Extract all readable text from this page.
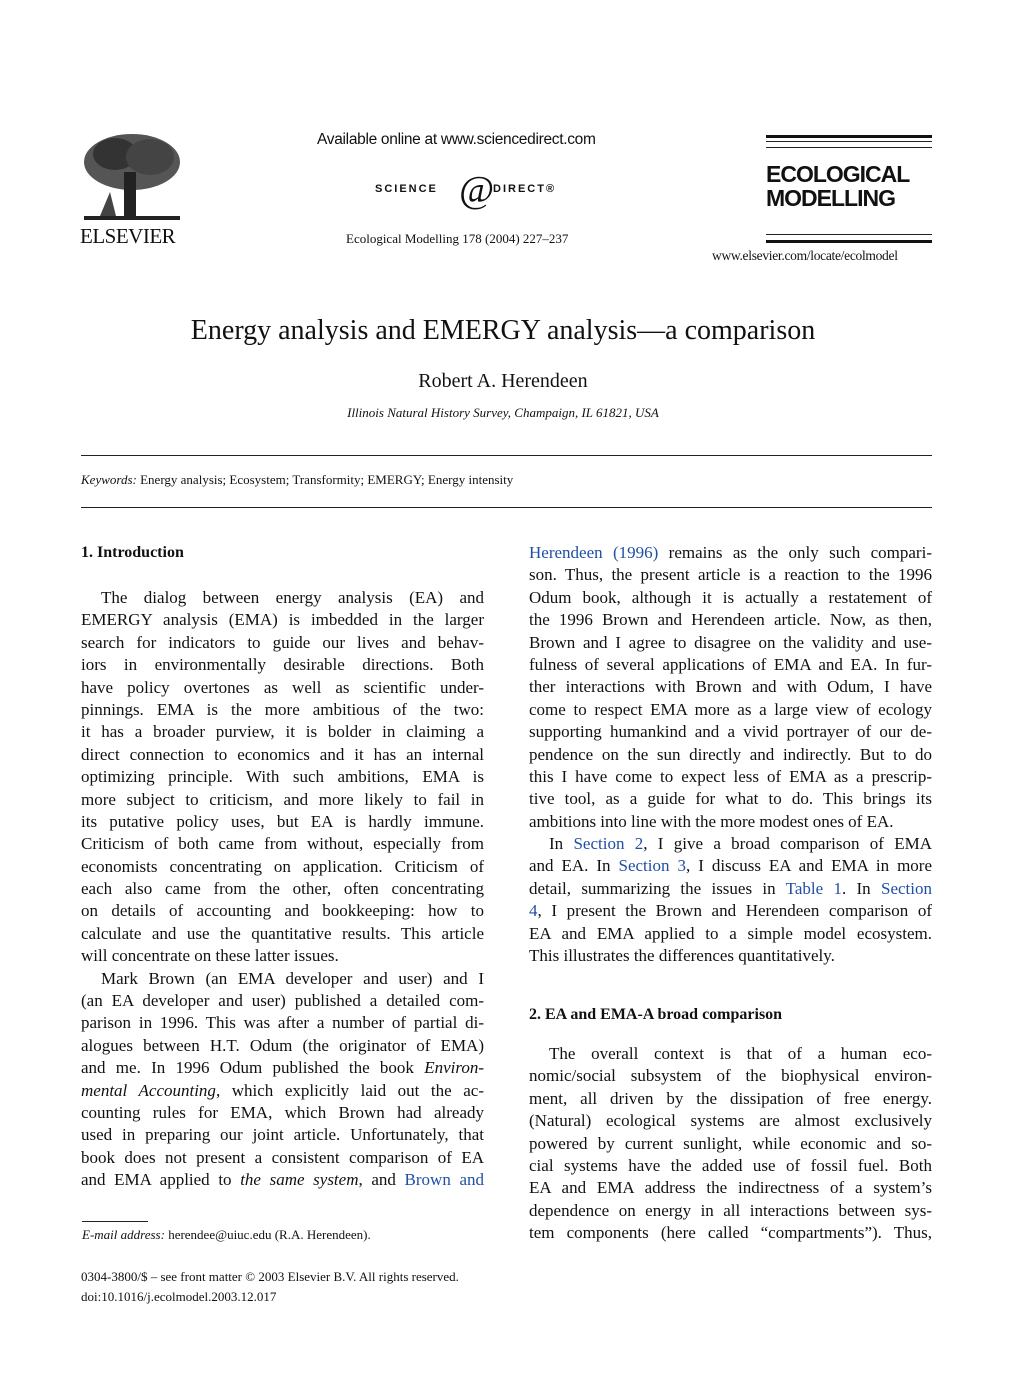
ELSEVIER
Available online at www.sciencedirect.com
SCIENCE @ DIRECT®
Ecological Modelling 178 (2004) 227–237
ECOLOGICAL
MODELLING
www.elsevier.com/locate/ecolmodel
Energy analysis and EMERGY analysis—a comparison
Robert A. Herendeen
Illinois Natural History Survey, Champaign, IL 61821, USA
Keywords: Energy analysis; Ecosystem; Transformity; EMERGY; Energy intensity
1. Introduction
The dialog between energy analysis (EA) and
EMERGY analysis (EMA) is imbedded in the larger
search for indicators to guide our lives and behav-
iors in environmentally desirable directions. Both
have policy overtones as well as scientific under-
pinnings. EMA is the more ambitious of the two:
it has a broader purview, it is bolder in claiming a
direct connection to economics and it has an internal
optimizing principle. With such ambitions, EMA is
more subject to criticism, and more likely to fail in
its putative policy uses, but EA is hardly immune.
Criticism of both came from without, especially from
economists concentrating on application. Criticism of
each also came from the other, often concentrating
on details of accounting and bookkeeping: how to
calculate and use the quantitative results. This article
will concentrate on these latter issues.
Mark Brown (an EMA developer and user) and I
(an EA developer and user) published a detailed com-
parison in 1996. This was after a number of partial di-
alogues between H.T. Odum (the originator of EMA)
and me. In 1996 Odum published the book Environ-
mental Accounting, which explicitly laid out the ac-
counting rules for EMA, which Brown had already
used in preparing our joint article. Unfortunately, that
book does not present a consistent comparison of EA
and EMA applied to the same system, and Brown and
Herendeen (1996) remains as the only such compari-
son. Thus, the present article is a reaction to the 1996
Odum book, although it is actually a restatement of
the 1996 Brown and Herendeen article. Now, as then,
Brown and I agree to disagree on the validity and use-
fulness of several applications of EMA and EA. In fur-
ther interactions with Brown and with Odum, I have
come to respect EMA more as a large view of ecology
supporting humankind and a vivid portrayer of our de-
pendence on the sun directly and indirectly. But to do
this I have come to expect less of EMA as a prescrip-
tive tool, as a guide for what to do. This brings its
ambitions into line with the more modest ones of EA.
In Section 2, I give a broad comparison of EMA
and EA. In Section 3, I discuss EA and EMA in more
detail, summarizing the issues in Table 1. In Section
4, I present the Brown and Herendeen comparison of
EA and EMA applied to a simple model ecosystem.
This illustrates the differences quantitatively.
2. EA and EMA-A broad comparison
The overall context is that of a human eco-
nomic/social subsystem of the biophysical environ-
ment, all driven by the dissipation of free energy.
(Natural) ecological systems are almost exclusively
powered by current sunlight, while economic and so-
cial systems have the added use of fossil fuel. Both
EA and EMA address the indirectness of a system’s
dependence on energy in all interactions between sys-
tem components (here called “compartments”). Thus,
E-mail address: herendee@uiuc.edu (R.A. Herendeen).
0304-3800/$ – see front matter © 2003 Elsevier B.V. All rights reserved.
doi:10.1016/j.ecolmodel.2003.12.017
